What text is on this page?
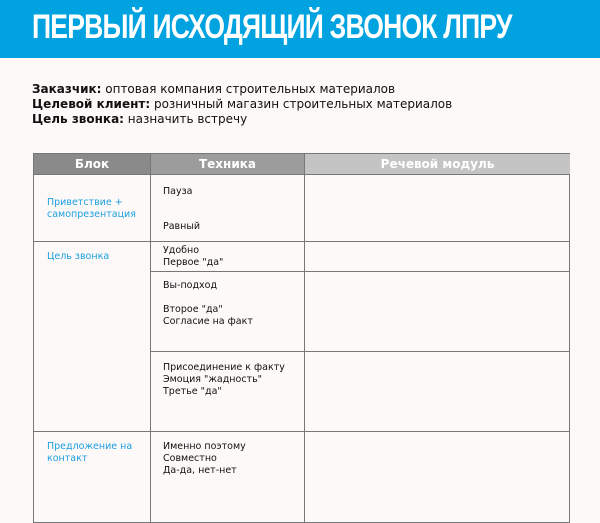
ПЕРВЫЙ ИСХОДЯЩИЙ ЗВОНОК ЛПРУ
Заказчик: оптовая компания строительных материалов
Целевой клиент: розничный магазин строительных материалов
Цель звонка: назначить встречу
Блок	Техника	Речевой модуль
Приветствие + самопрезентация
Цель звонка
Предложение на контакт
Пауза
Равный
Удобно
Первое "да"
Вы-подход
Второе "да"
Согласие на факт
Присоединение к факту
Эмоция "жадность"
Третье "да"
Именно поэтому
Совместно
Да-да, нет-нет
